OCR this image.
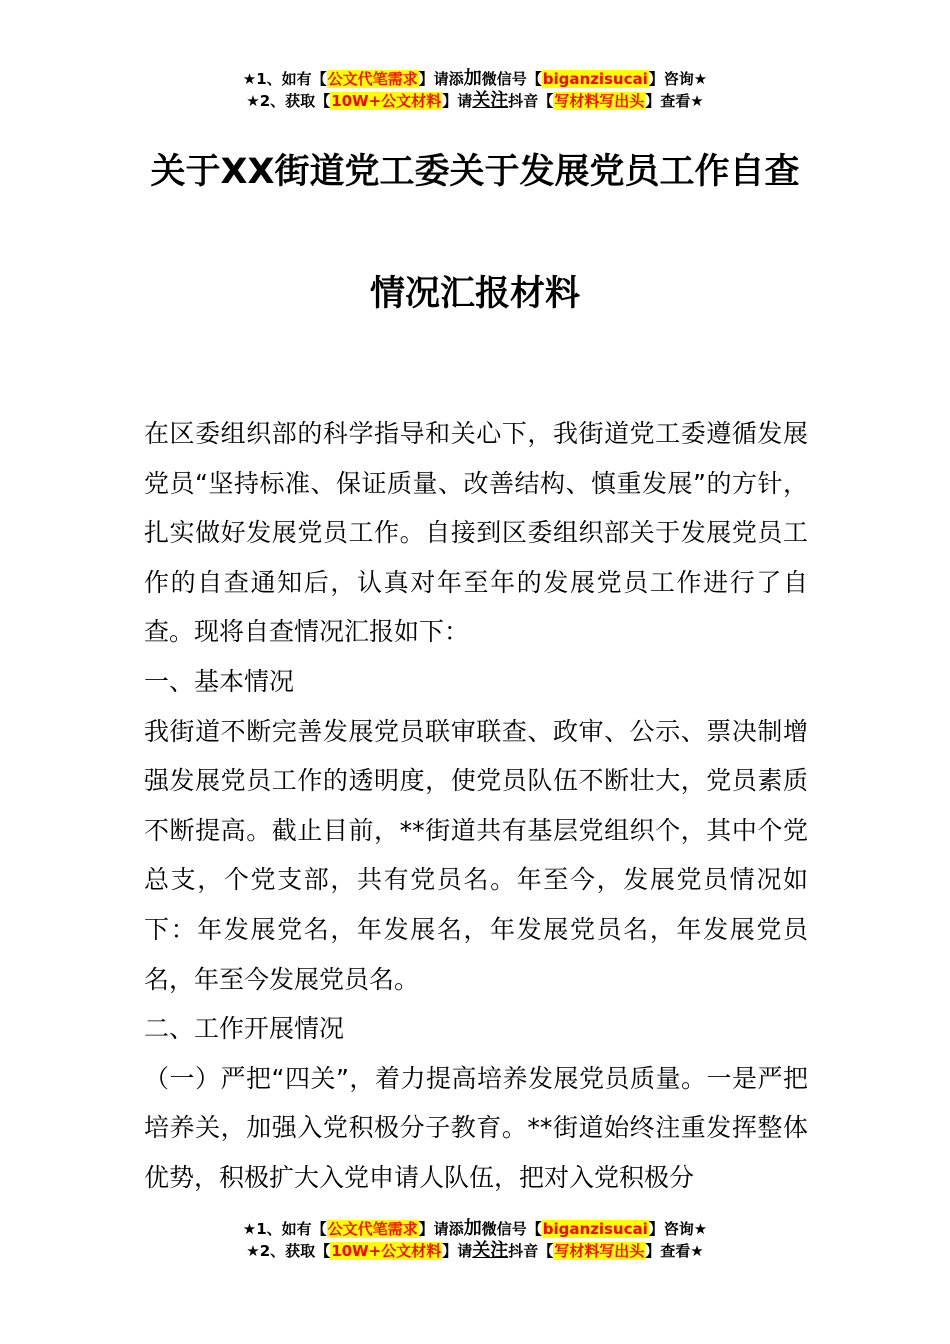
★1、如有【公文代笔需求】请添加微信号【biganzisucai】咨询★
★2、获取【10W+公文材料】请关注抖音【写材料写出头】查看★
关于XX街道党工委关于发展党员工作自查
情况汇报材料

在区委组织部的科学指导和关心下，我街道党工委遵循发展党员“坚持标准、保证质量、改善结构、慎重发展”的方针，扎实做好发展党员工作。自接到区委组织部关于发展党员工作的自查通知后，认真对年至年的发展党员工作进行了自查。现将自查情况汇报如下：

一、基本情况

我街道不断完善发展党员联审联查、政审、公示、票决制增强发展党员工作的透明度，使党员队伍不断壮大，党员素质不断提高。截止目前，**街道共有基层党组织个，其中个党总支，个党支部，共有党员名。年至今，发展党员情况如下：年发展党名，年发展名，年发展党员名，年发展党员名，年至今发展党员名。

二、工作开展情况

（一）严把“四关”，着力提高培养发展党员质量。一是严把培养关，加强入党积极分子教育。**街道始终注重发挥整体优势，积极扩大入党申请人队伍，把对入党积极分

★1、如有【公文代笔需求】请添加微信号【biganzisucai】咨询★
★2、获取【10W+公文材料】请关注抖音【写材料写出头】查看★
